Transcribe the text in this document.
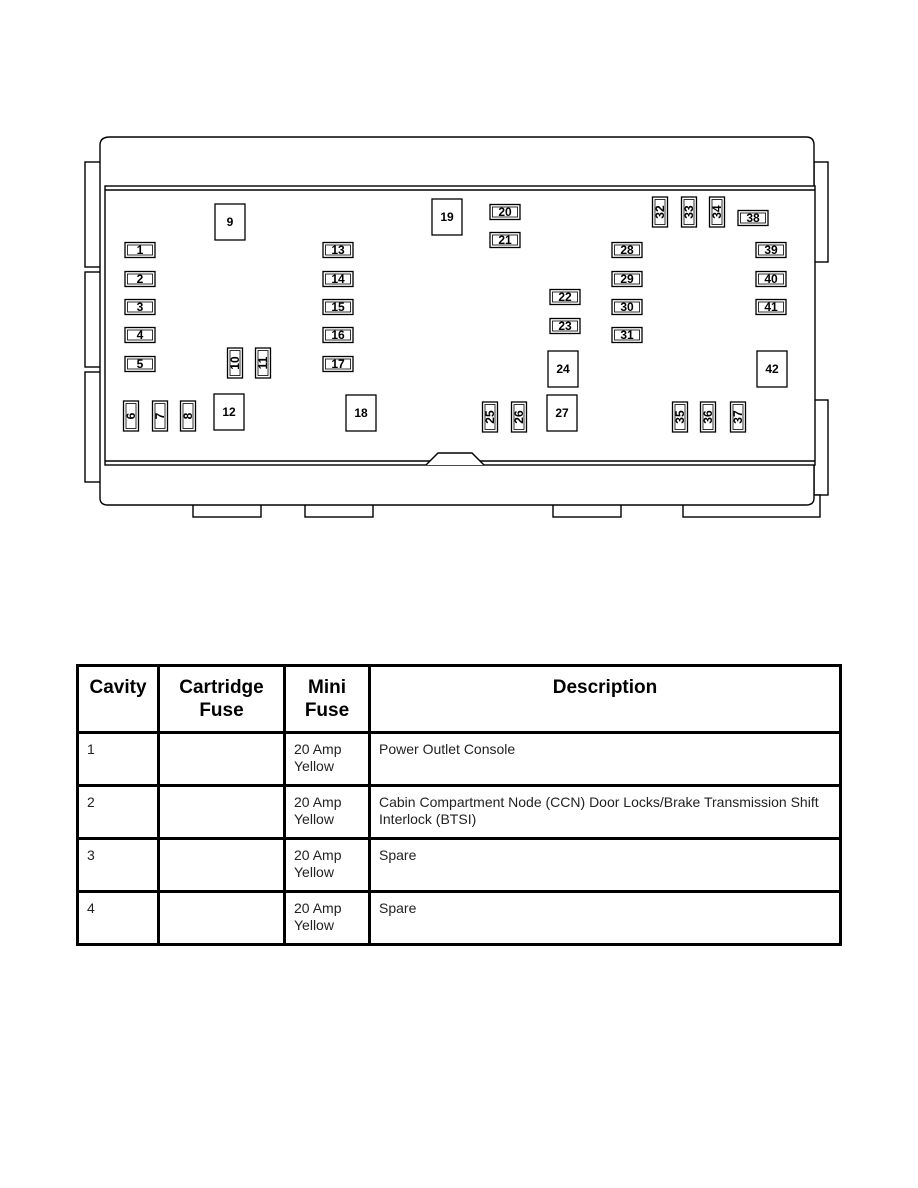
1
2
3
4
5
6 7 8
9
10 11
12
13
14
15
16
17
18
19	20
21
22
23
24
25 26 27
28
29
30
31
32 33 34
35 36 37
38
39
40
41
42
Cavity	Cartridge Fuse	Mini Fuse	Description
1		20 Amp Yellow	Power Outlet Console
2		20 Amp Yellow	Cabin Compartment Node (CCN) Door Locks/Brake Transmission Shift Interlock (BTSI)
3		20 Amp Yellow	Spare
4		20 Amp Yellow	Spare
